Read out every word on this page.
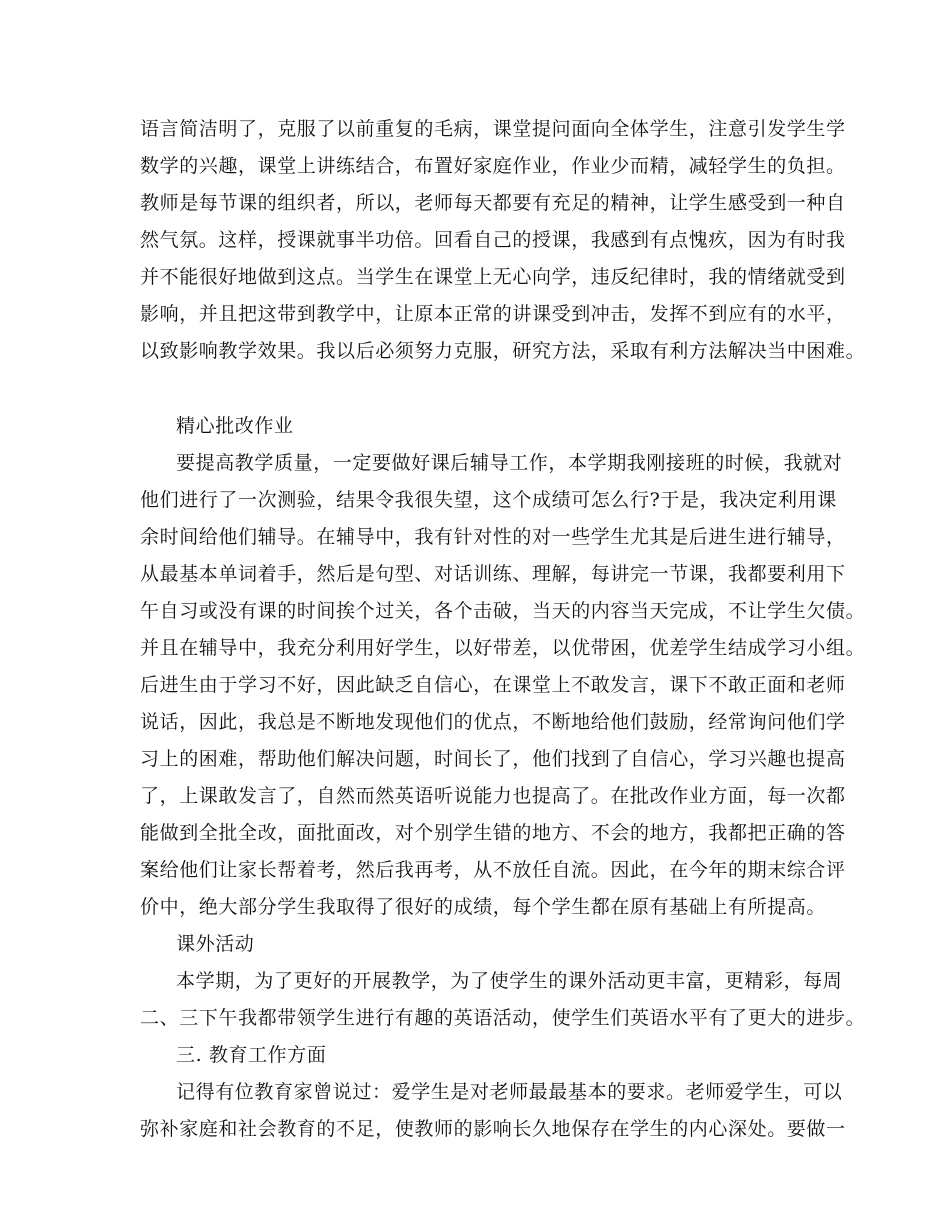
语言简洁明了，克服了以前重复的毛病，课堂提问面向全体学生，注意引发学生学
数学的兴趣，课堂上讲练结合，布置好家庭作业，作业少而精，减轻学生的负担。
教师是每节课的组织者，所以，老师每天都要有充足的精神，让学生感受到一种自
然气氛。这样，授课就事半功倍。回看自己的授课，我感到有点愧疚，因为有时我
并不能很好地做到这点。当学生在课堂上无心向学，违反纪律时，我的情绪就受到
影响，并且把这带到教学中，让原本正常的讲课受到冲击，发挥不到应有的水平，
以致影响教学效果。我以后必须努力克服，研究方法，采取有利方法解决当中困难。
精心批改作业
要提高教学质量，一定要做好课后辅导工作，本学期我刚接班的时候，我就对
他们进行了一次测验，结果令我很失望，这个成绩可怎么行?于是，我决定利用课
余时间给他们辅导。在辅导中，我有针对性的对一些学生尤其是后进生进行辅导，
从最基本单词着手，然后是句型、对话训练、理解，每讲完一节课，我都要利用下
午自习或没有课的时间挨个过关，各个击破，当天的内容当天完成，不让学生欠债。
并且在辅导中，我充分利用好学生，以好带差，以优带困，优差学生结成学习小组。
后进生由于学习不好，因此缺乏自信心，在课堂上不敢发言，课下不敢正面和老师
说话，因此，我总是不断地发现他们的优点，不断地给他们鼓励，经常询问他们学
习上的困难，帮助他们解决问题，时间长了，他们找到了自信心，学习兴趣也提高
了，上课敢发言了，自然而然英语听说能力也提高了。在批改作业方面，每一次都
能做到全批全改，面批面改，对个别学生错的地方、不会的地方，我都把正确的答
案给他们让家长帮着考，然后我再考，从不放任自流。因此，在今年的期末综合评
价中，绝大部分学生我取得了很好的成绩，每个学生都在原有基础上有所提高。
课外活动
本学期，为了更好的开展教学，为了使学生的课外活动更丰富，更精彩，每周
二、三下午我都带领学生进行有趣的英语活动，使学生们英语水平有了更大的进步。
三. 教育工作方面
记得有位教育家曾说过：爱学生是对老师最最基本的要求。老师爱学生，可以
弥补家庭和社会教育的不足，使教师的影响长久地保存在学生的内心深处。要做一
